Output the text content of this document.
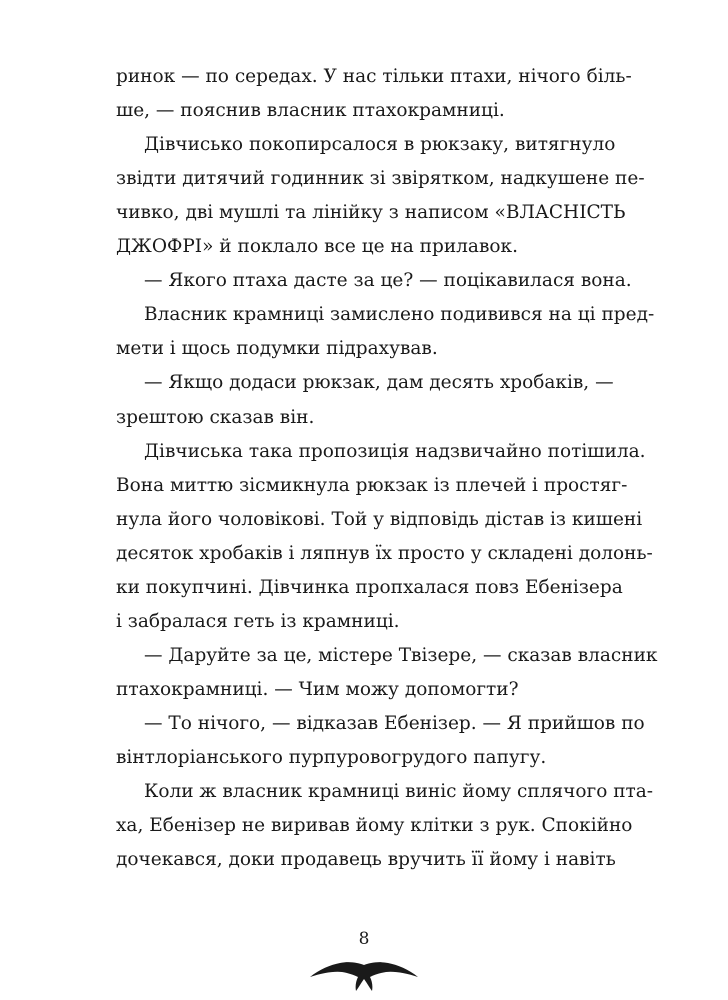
ринок — по середах. У нас тільки птахи, нічого біль-
ше, — пояснив власник птахокрамниці.
Дівчисько покопирсалося в рюкзаку, витягнуло
звідти дитячий годинник зі звірятком, надкушене пе-
чивко, дві мушлі та лінійку з написом «ВЛАСНІСТЬ
ДЖОФРІ» й поклало все це на прилавок.
— Якого птаха дасте за це? — поцікавилася вона.
Власник крамниці замислено подивився на ці пред-
мети і щось подумки підрахував.
— Якщо додаси рюкзак, дам десять хробаків, —
зрештою сказав він.
Дівчиська така пропозиція надзвичайно потішила.
Вона миттю зісмикнула рюкзак із плечей і простяг-
нула його чоловікові. Той у відповідь дістав із кишені
десяток хробаків і ляпнув їх просто у складені долонь-
ки покупчині. Дівчинка пропхалася повз Ебенізера
і забралася геть із крамниці.
— Даруйте за це, містере Твізере, — сказав власник
птахокрамниці. — Чим можу допомогти?
— То нічого, — відказав Ебенізер. — Я прийшов по
вінтлоріанського пурпуровогрудого папугу.
Коли ж власник крамниці виніс йому сплячого пта-
ха, Ебенізер не виривав йому клітки з рук. Спокійно
дочекався, доки продавець вручить її йому і навіть
8
